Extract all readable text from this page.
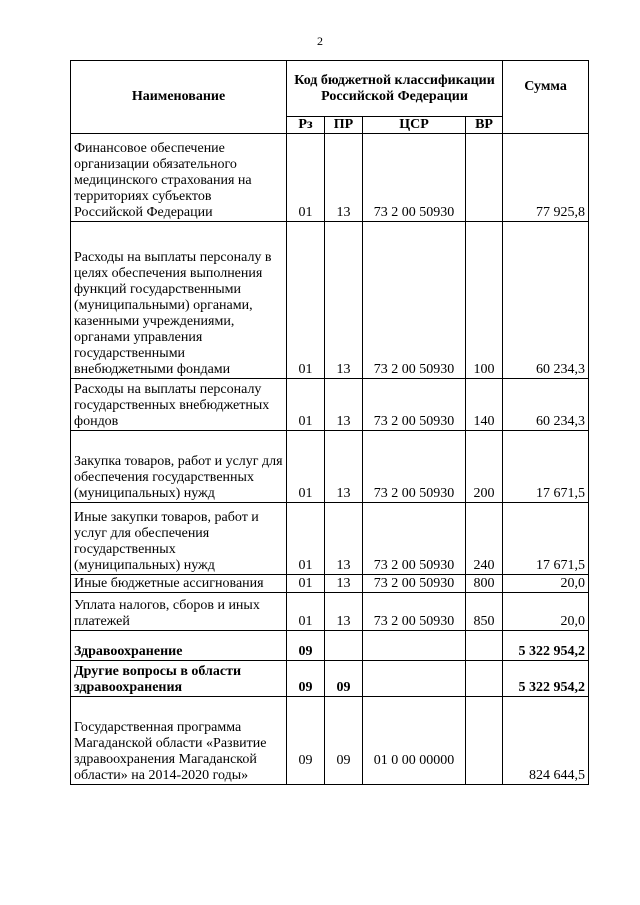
2
Наименование	Код бюджетной классификации Российской Федерации				Сумма
	Рз	ПР	ЦСР	ВР	
Финансовое обеспечение организации обязательного медицинского страхования на территориях субъектов Российской Федерации	01	13	73 2 00 50930		77 925,8
Расходы на выплаты персоналу в целях обеспечения выполнения функций государственными (муниципальными) органами, казенными учреждениями, органами управления государственными внебюджетными фондами	01	13	73 2 00 50930	100	60 234,3
Расходы на выплаты персоналу государственных внебюджетных фондов	01	13	73 2 00 50930	140	60 234,3
Закупка товаров, работ и услуг для обеспечения государственных (муниципальных) нужд	01	13	73 2 00 50930	200	17 671,5
Иные закупки товаров, работ и услуг для обеспечения государственных (муниципальных) нужд	01	13	73 2 00 50930	240	17 671,5
Иные бюджетные ассигнования	01	13	73 2 00 50930	800	20,0
Уплата налогов, сборов и иных платежей	01	13	73 2 00 50930	850	20,0
Здравоохранение	09				5 322 954,2
Другие вопросы в области здравоохранения	09	09			5 322 954,2
Государственная программа Магаданской области «Развитие здравоохранения Магаданской области» на 2014-2020 годы»	09	09	01 0 00 00000		824 644,5
